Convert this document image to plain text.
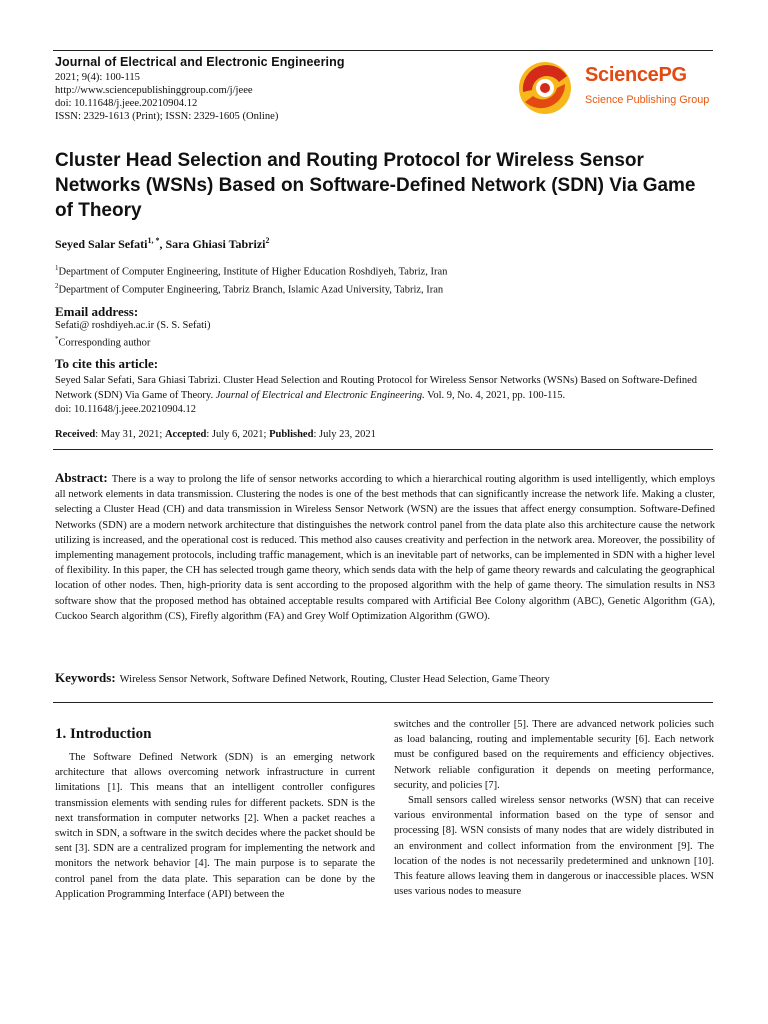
Journal of Electrical and Electronic Engineering

2021; 9(4): 100-115

http://www.sciencepublishinggroup.com/j/jeee

doi: 10.11648/j.jeee.20210904.12

ISSN: 2329-1613 (Print); ISSN: 2329-1605 (Online)

SciencePG
Science Publishing Group
Cluster Head Selection and Routing Protocol for Wireless Sensor Networks (WSNs) Based on Software-Defined Network (SDN) Via Game of Theory

Seyed Salar Sefati$^{1, *}$, Sara Ghiasi Tabrizi$^2$

$^1$Department of Computer Engineering, Institute of Higher Education Roshdiyeh, Tabriz, Iran

$^2$Department of Computer Engineering, Tabriz Branch, Islamic Azad University, Tabriz, Iran

Email address:

Sefati@ roshdiyeh.ac.ir (S. S. Sefati)

*Corresponding author

To cite this article:

Seyed Salar Sefati, Sara Ghiasi Tabrizi. Cluster Head Selection and Routing Protocol for Wireless Sensor Networks (WSNs) Based on Software-Defined Network (SDN) Via Game of Theory. Journal of Electrical and Electronic Engineering. Vol. 9, No. 4, 2021, pp. 100-115.
doi: 10.11648/j.jeee.20210904.12

Received: May 31, 2021; Accepted: July 6, 2021; Published: July 23, 2021

Abstract: There is a way to prolong the life of sensor networks according to which a hierarchical routing algorithm is used intelligently, which employs all network elements in data transmission. Clustering the nodes is one of the best methods that can significantly increase the network life. Making a cluster, selecting a Cluster Head (CH) and data transmission in Wireless Sensor Network (WSN) are the issues that affect energy consumption. Software-Defined Networks (SDN) are a modern network architecture that distinguishes the network control panel from the data plate also this architecture cause the network utilizing is increased, and the operational cost is reduced. This method also causes creativity and perfection in the network area. Moreover, the possibility of implementing management protocols, including traffic management, which is an inevitable part of networks, can be implemented in SDN with a higher level of flexibility. In this paper, the CH has selected trough game theory, which sends data with the help of game theory rewards and calculating the geographical location of other nodes. Then, high-priority data is sent according to the proposed algorithm with the help of game theory. The simulation results in NS3 software show that the proposed method has obtained acceptable results compared with Artificial Bee Colony algorithm (ABC), Genetic Algorithm (GA), Cuckoo Search algorithm (CS), Firefly algorithm (FA) and Grey Wolf Optimization Algorithm (GWO).

Keywords: Wireless Sensor Network, Software Defined Network, Routing, Cluster Head Selection, Game Theory

1. Introduction

The Software Defined Network (SDN) is an emerging network architecture that allows overcoming network infrastructure in current limitations [1]. This means that an intelligent controller configures transmission elements with sending rules for different packets. SDN is the next transformation in computer networks [2]. When a packet reaches a switch in SDN, a software in the switch decides where the packet should be sent [3]. SDN are a centralized program for implementing the network and monitors the network behavior [4]. The main purpose is to separate the control panel from the data plate. This separation can be done by the Application Programming Interface (API) between the

switches and the controller [5]. There are advanced network policies such as load balancing, routing and implementable security [6]. Each network must be configured based on the requirements and efficiency objectives. Network reliable configuration it depends on meeting performance, security, and policies [7].

Small sensors called wireless sensor networks (WSN) that can receive various environmental information based on the type of sensor and processing [8]. WSN consists of many nodes that are widely distributed in an environment and collect information from the environment [9]. The location of the nodes is not necessarily predetermined and unknown [10]. This feature allows leaving them in dangerous or inaccessible places. WSN uses various nodes to measure
